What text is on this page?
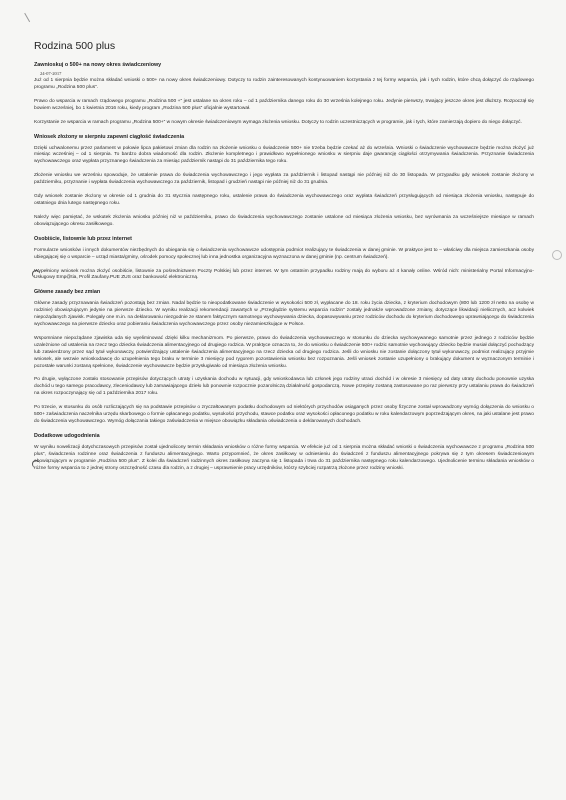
Rodzina 500 plus
Zawnioskuj o 500+ na nowy okres świadczeniowy
24-07-2017

Już od 1 sierpnia będzie można składać wnioski o 500+ na nowy okres świadczeniowy. Dotyczy to rodzin zainteresowanych kontynuowaniem korzystania z tej formy wsparcia, jak i tych rodzin, które chcą dołączyć do rządowego programu „Rodzina 500 plus”.

Prawo do wsparcia w ramach rządowego programu „Rodzina 500 +” jest ustalane na okres roku – od 1 października danego roku do 30 września kolejnego roku. Jedynie pierwszy, trwający jeszcze okres jest dłuższy. Rozpoczął się bowiem wcześniej, bo 1 kwietnia 2016 roku, kiedy program „Rodzina 500 plus” oficjalnie wystartował.

Korzystanie ze wsparcia w ramach programu „Rodzina 500+” w nowym okresie świadczeniowym wymaga złożenia wniosku. Dotyczy to rodzin uczestniczących w programie, jak i tych, które zamierzają dopiero do niego dołączyć.

Wniosek złożony w sierpniu zapewni ciągłość świadczenia

Dzięki uchwalonemu przez parlament w połowie lipca pakietowi zmian dla rodzin na złożenie wniosku o świadczenie 500+ nie trzeba będzie czekać aż do września. Wnioski o świadczenie wychowawcze będzie można złożyć już miesiąc wcześniej – od 1 sierpnia. To bardzo dobra wiadomość dla rodzin. Złożenie kompletnego i prawidłowo wypełnionego wniosku w sierpniu daje gwarancję ciągłości otrzymywania świadczenia. Przyznanie świadczenia wychowawczego oraz wypłata przyznanego świadczenia za miesiąc październik nastąpi do 31 października tego roku.

Złożenie wniosku we wrześniu spowoduje, że ustalenie prawa do świadczenia wychowawczego i jego wypłata za październik i listopad nastąpi nie później niż do 30 listopada. W przypadku gdy wniosek zostanie złożony w październiku, przyznanie i wypłata świadczenia wychowawczego za październik, listopad i grudzień nastąpi nie później niż do 31 grudnia.

Gdy wniosek zostanie złożony w okresie od 1 grudnia do 31 stycznia następnego roku, ustalenie prawa do świadczenia wychowawczego oraz wypłata świadczeń przysługujących od miesiąca złożenia wniosku, następuje do ostatniego dnia lutego następnego roku.

Należy więc pamiętać, że wskutek złożenia wniosku później niż w październiku, prawo do świadczenia wychowawczego zostanie ustalone od miesiąca złożenia wniosku, bez wyrównania za wcześniejsze miesiące w ramach obowiązującego okresu zasiłkowego.

Osobiście, listownie lub przez internet

Formularze wniosków i innych dokumentów niezbędnych do ubiegania się o świadczenia wychowawcze udostępnia podmiot realizujący te świadczenia w danej gminie. W praktyce jest to – właściwy dla miejsca zamieszkania osoby ubiegającej się o wsparcie – urząd miasta/gminy, ośrodek pomocy społecznej lub inna jednostka organizacyjna wyznaczona w danej gminie (np. centrum świadczeń).

Wypełniony wniosek można złożyć osobiście, listownie za pośrednictwem Poczty Polskiej lub przez internet. W tym ostatnim przypadku rodziny mają do wyboru aż 4 kanały online. Wśród nich: ministerialny Portal Informacyjno-Usługowy Emp@tia, Profil Zaufany.PUE ZUS oraz bankowość elektroniczną.

Główne zasady bez zmian

Główne zasady przyznawania świadczeń pozostają bez zmian. Nadal będzie to nieopodatkowane świadczenie w wysokości 500 zł, wypłacane do 18. roku życia dziecka, z kryterium dochodowym (800 lub 1200 zł netto na osobę w rodzinie) obowiązującym jedynie na pierwsze dziecko. W wyniku realizacji rekomendacji zawartych w „Przeglądzie systemu wsparcia rodzin” zostały jednakże wprowadzone zmiany, dotyczące likwidacji nieliicznych, acz kolwiek niepożądanych zjawisk. Polegały one m.in. na deklarowaniu niezgodnie ze stanem faktycznym samotnego wychowywania dziecka, dopasowywaniu przez rodziców dochodu do kryterium dochodowego uprawniającego do świadczenia wychowawczego na pierwsze dziecko oraz pobieraniu świadczenia wychowawczego przez osoby niezamieszkujące w Polsce.

Wspomniane niepożądane zjawiska uda się wyeliminować dzięki kilku mechanizmom. Po pierwsze, prawo do świadczenia wychowawczego w stosunku do dziecka wychowywanego samotnie przez jednego z rodziców będzie uzależnione od ustalenia na rzecz tego dziecka świadczenia alimentacyjnego od drugiego rodzica. W praktyce oznacza to, że do wniosku o świadczenie 500+ rodzic samotnie wychowujący dziecko będzie musiał dołączyć pochodzący lub zatwierdzony przez sąd tytuł wykonawczy, potwierdzający ustalenie świadczenia alimentacyjnego na rzecz dziecka od drugiego rodzica. Jeśli do wniosku nie zostanie dołączony tytuł wykonawczy, podmiot realizujący przyjmie wniosek, ale wezwie wnioskodawcę do uzupełnienia tego braku w terminie 3 miesięcy pod rygorem pozostawienia wniosku bez rozpoznania. Jeśli wniosek zostanie uzupełniony o brakujący dokument w wyznaczonym terminie i pozostałe warunki zostaną spełnione, świadczenie wychowawcze będzie przysługiwało od miesiąca złożenia wniosku.

Po drugie, wyłączone zostało stosowanie przepisów dotyczących utraty i uzyskania dochodu w sytuacji, gdy wnioskodawca lub członek jego rodziny utraci dochód i w okresie 3 miesięcy od daty utraty dochodu ponownie uzyska dochód u tego samego pracodawcy, zleceniodawcy lub zamawiającego dzieło lub ponownie rozpocznie pozarolniczą działalność gospodarczą. Nowe przepisy zostaną zastosowane po raz pierwszy przy ustalaniu prawa do świadczeń na okres rozpoczynający się od 1 października 2017 roku.

Po trzecie, w stosunku do osób rozliczających się na podstawie przepisów o zryczałtowanym podatku dochodowym od niektórych przychodów osiąganych przez osoby fizyczne został wprowadzony wymóg dołączenia do wniosku o 500+ zaświadczenia naczelnika urzędu skarbowego o formie opłacanego podatku, wysokości przychodu, stawce podatku oraz wysokości opłaconego podatku w roku kalendarzowym poprzedzającym okres, na jaki ustalane jest prawo do świadczenia wychowawczego. Wymóg dołączania takiego zaświadczenia w miejsce obowiązku składania oświadczenia o deklarowanych dochodach.

Dodatkowe udogodnienia

W wyniku nowelizacji dotychczasowych przepisów został ujednolicony termin składania wniosków o różne formy wsparcia. W efekcie już od 1 sierpnia można składać wnioski o świadczenia wychowawcze z programu „Rodzina 500 plus”, świadczenia rodzinne oraz świadczenia z funduszu alimentacyjnego. Warto przypomnieć, że okres zasiłkowy w odniesieniu do świadczeń z funduszu alimentacyjnego pokrywa się z tym okresem świadczeniowym obowiązującym w programie „Rodzina 500 plus”. Z kolei dla świadczeń rodzinnych okres zasiłkowy zaczyna się 1 listopada i trwa do 31 października następnego roku kalendarzowego. Ujednolicenie terminu składania wniosków o różne formy wsparcia to z jednej strony oszczędność czasu dla rodzin, a z drugiej – usprawnienie pracy urzędników, którzy szybciej rozpatrzą złożone przez rodziny wnioski.
